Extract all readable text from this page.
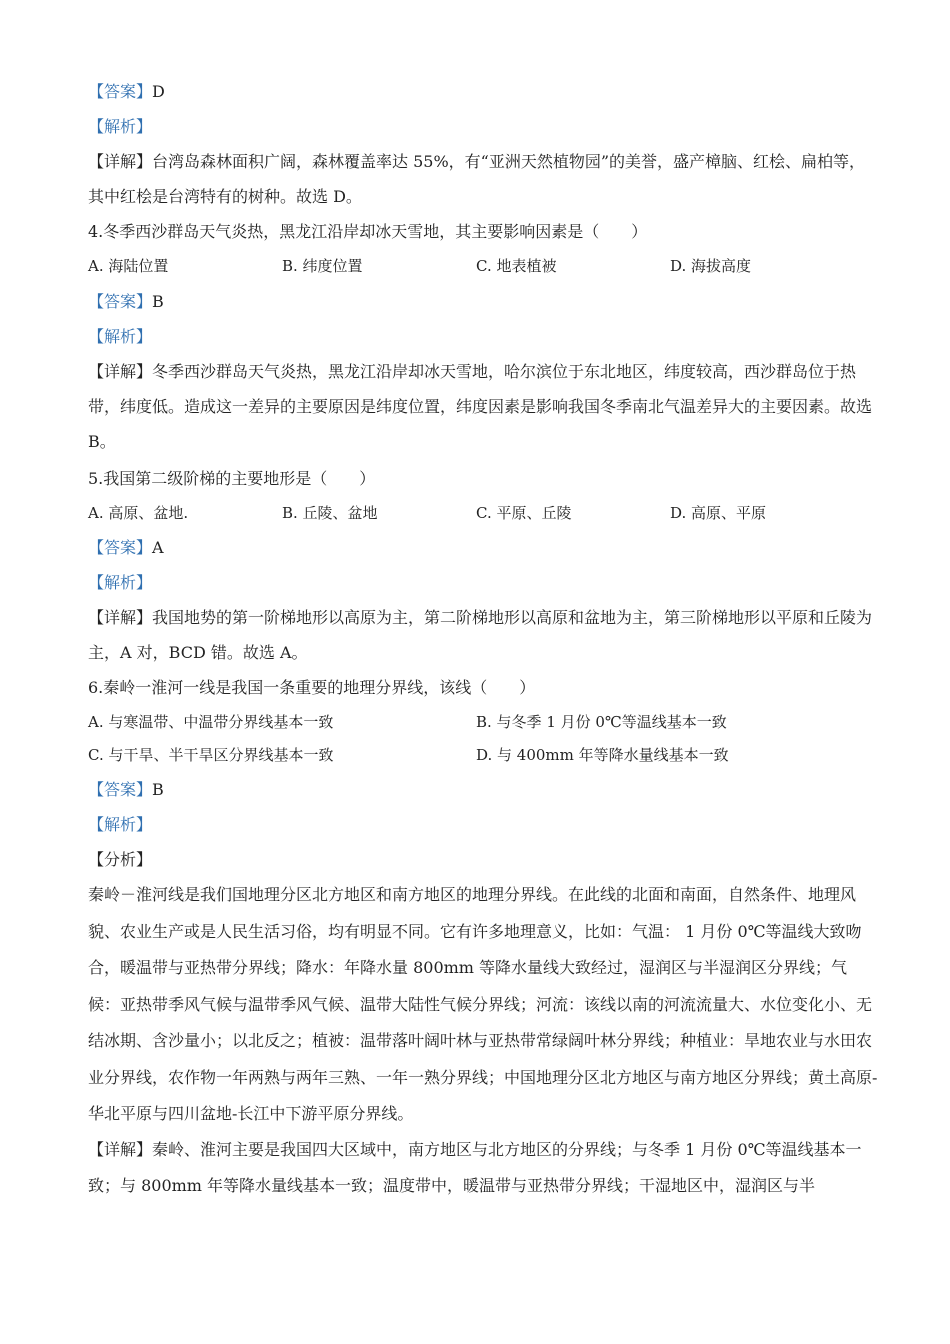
【答案】D
【解析】
【详解】台湾岛森林面积广阔，森林覆盖率达 55%，有“亚洲天然植物园”的美誉，盛产樟脑、红桧、扁柏等，其中红桧是台湾特有的树种。故选 D。
4.冬季西沙群岛天气炎热，黑龙江沿岸却冰天雪地，其主要影响因素是（　　）
A. 海陆位置	B. 纬度位置	C. 地表植被	D. 海拔高度
【答案】B
【解析】
【详解】冬季西沙群岛天气炎热，黑龙江沿岸却冰天雪地，哈尔滨位于东北地区，纬度较高，西沙群岛位于热带，纬度低。造成这一差异的主要原因是纬度位置，纬度因素是影响我国冬季南北气温差异大的主要因素。故选 B。
5.我国第二级阶梯的主要地形是（　　）
A. 高原、盆地.	B. 丘陵、盆地	C. 平原、丘陵	D. 高原、平原
【答案】A
【解析】
【详解】我国地势的第一阶梯地形以高原为主，第二阶梯地形以高原和盆地为主，第三阶梯地形以平原和丘陵为主，A 对，BCD 错。故选 A。
6.秦岭一淮河一线是我国一条重要的地理分界线，该线（　　）
A. 与寒温带、中温带分界线基本一致	B. 与冬季 1 月份 0℃等温线基本一致
C. 与干旱、半干旱区分界线基本一致	D. 与 400mm 年等降水量线基本一致
【答案】B
【解析】
【分析】
秦岭－淮河线是我们国地理分区北方地区和南方地区的地理分界线。在此线的北面和南面，自然条件、地理风貌、农业生产或是人民生活习俗，均有明显不同。它有许多地理意义，比如：气温： 1 月份 0℃等温线大致吻合，暖温带与亚热带分界线；降水：年降水量 800mm 等降水量线大致经过，湿润区与半湿润区分界线；气候：亚热带季风气候与温带季风气候、温带大陆性气候分界线；河流：该线以南的河流流量大、水位变化小、无结冰期、含沙量小；以北反之；植被：温带落叶阔叶林与亚热带常绿阔叶林分界线；种植业：旱地农业与水田农业分界线，农作物一年两熟与两年三熟、一年一熟分界线；中国地理分区北方地区与南方地区分界线；黄土高原-华北平原与四川盆地-长江中下游平原分界线。
【详解】秦岭、淮河主要是我国四大区域中，南方地区与北方地区的分界线；与冬季 1 月份 0℃等温线基本一致；与 800mm 年等降水量线基本一致；温度带中，暖温带与亚热带分界线；干湿地区中，湿润区与半
